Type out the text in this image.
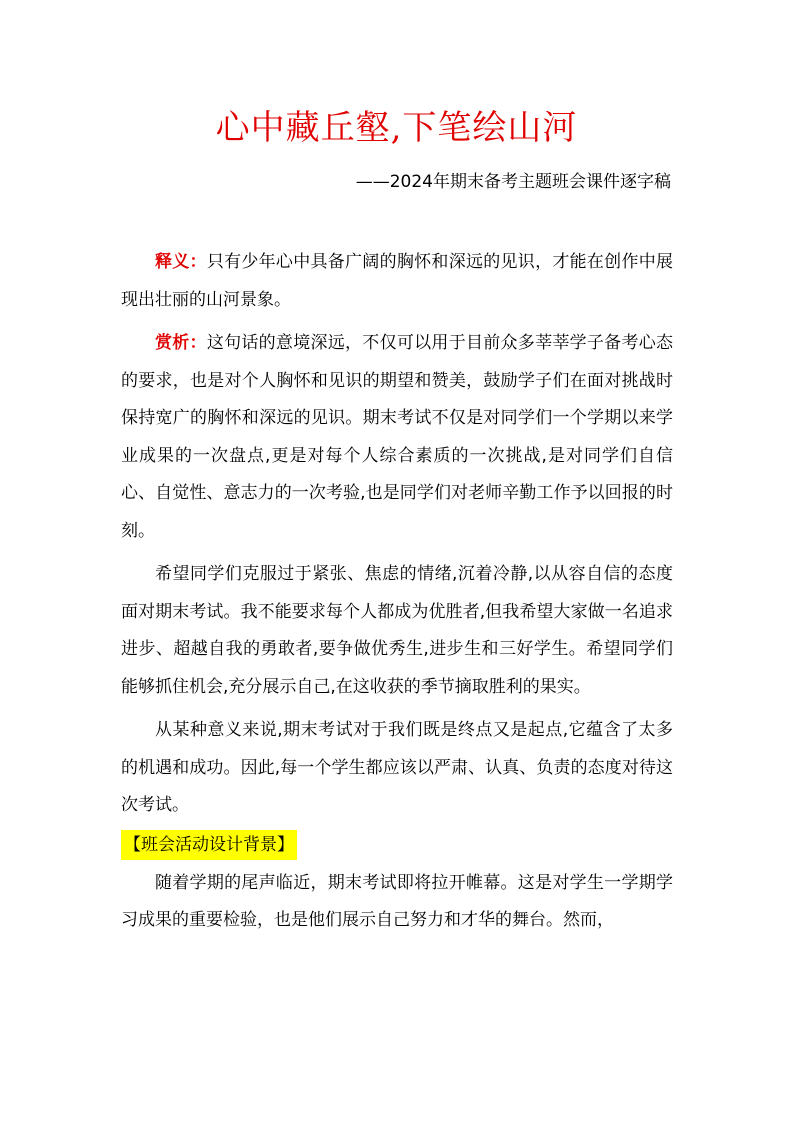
心中藏丘壑,下笔绘山河
——2024年期末备考主题班会课件逐字稿

释义：只有少年心中具备广阔的胸怀和深远的见识，才能在创作中展现出壮丽的山河景象。

赏析：这句话的意境深远，不仅可以用于目前众多莘莘学子备考心态的要求，也是对个人胸怀和见识的期望和赞美，鼓励学子们在面对挑战时保持宽广的胸怀和深远的见识。期末考试不仅是对同学们一个学期以来学业成果的一次盘点,更是对每个人综合素质的一次挑战,是对同学们自信心、自觉性、意志力的一次考验,也是同学们对老师辛勤工作予以回报的时刻。

希望同学们克服过于紧张、焦虑的情绪,沉着冷静,以从容自信的态度面对期末考试。我不能要求每个人都成为优胜者,但我希望大家做一名追求进步、超越自我的勇敢者,要争做优秀生,进步生和三好学生。希望同学们能够抓住机会,充分展示自己,在这收获的季节摘取胜利的果实。

从某种意义来说,期末考试对于我们既是终点又是起点,它蕴含了太多的机遇和成功。因此,每一个学生都应该以严肃、认真、负责的态度对待这次考试。

【班会活动设计背景】

随着学期的尾声临近，期末考试即将拉开帷幕。这是对学生一学期学习成果的重要检验，也是他们展示自己努力和才华的舞台。然而，
